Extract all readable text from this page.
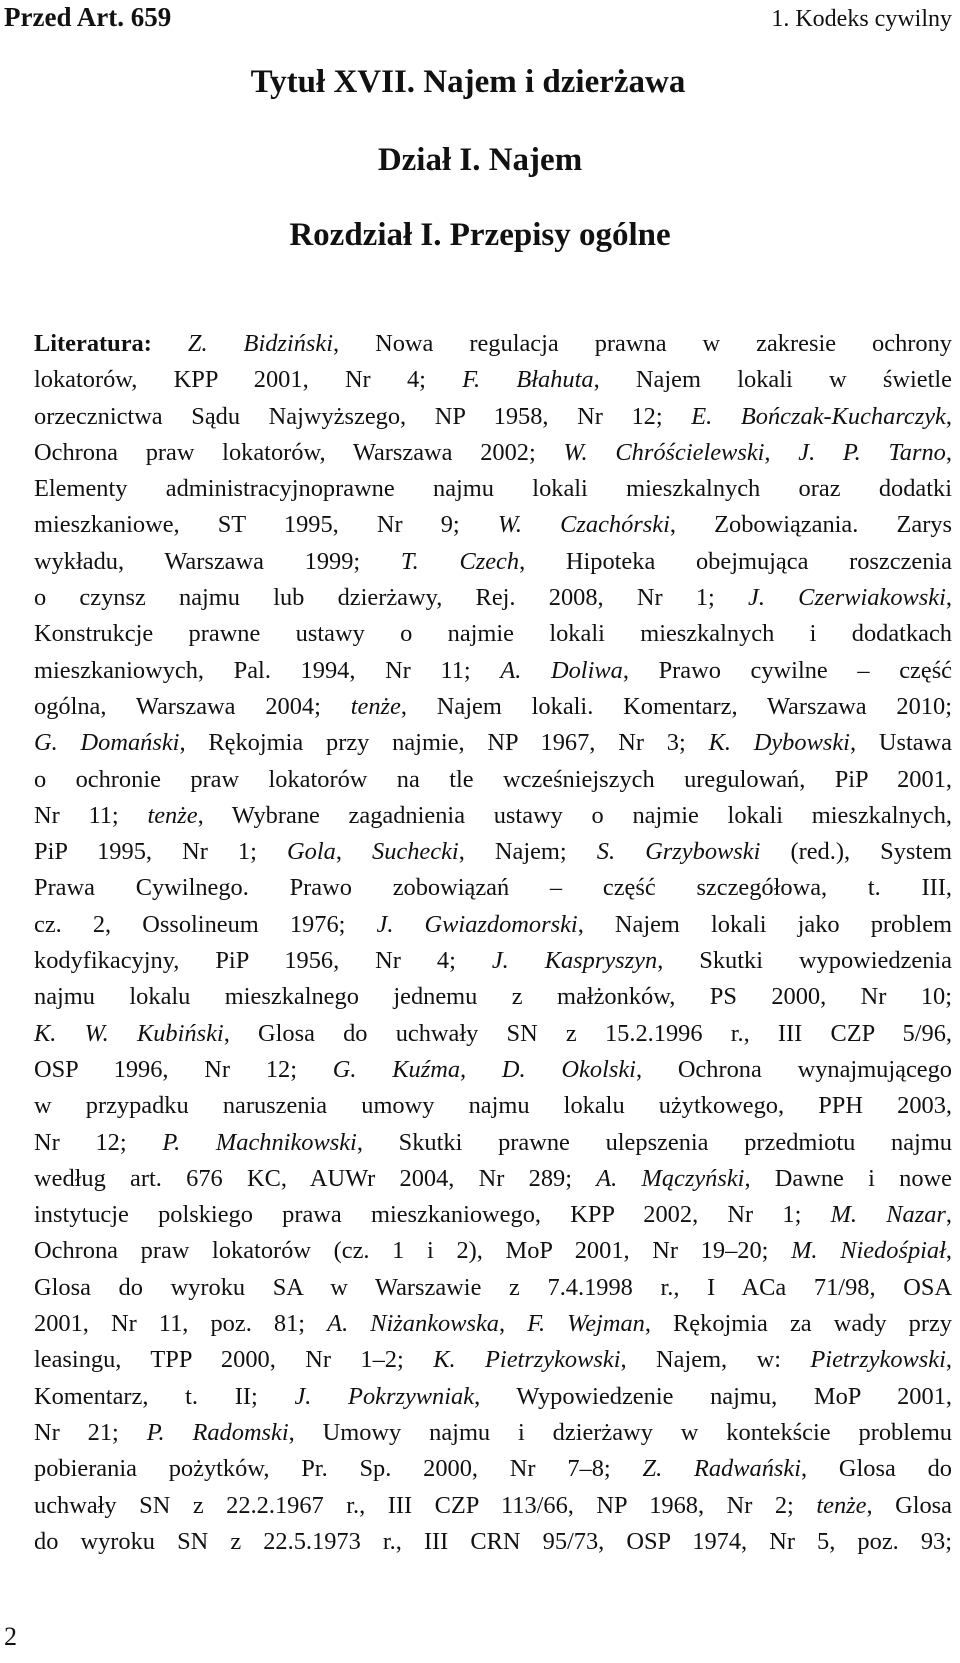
Przed Art. 659	1. Kodeks cywilny
Tytuł XVII. Najem i dzierżawa
Dział I. Najem
Rozdział I. Przepisy ogólne
Literatura: Z. Bidziński, Nowa regulacja prawna w zakresie ochrony
lokatorów, KPP 2001, Nr 4; F. Błahuta, Najem lokali w świetle
orzecznictwa Sądu Najwyższego, NP 1958, Nr 12; E. Bończak-Kucharczyk,
Ochrona praw lokatorów, Warszawa 2002; W. Chróścielewski, J. P. Tarno,
Elementy administracyjnoprawne najmu lokali mieszkalnych oraz dodatki
mieszkaniowe, ST 1995, Nr 9; W. Czachórski, Zobowiązania. Zarys
wykładu, Warszawa 1999; T. Czech, Hipoteka obejmująca roszczenia
o czynsz najmu lub dzierżawy, Rej. 2008, Nr 1; J. Czerwiakowski,
Konstrukcje prawne ustawy o najmie lokali mieszkalnych i dodatkach
mieszkaniowych, Pal. 1994, Nr 11; A. Doliwa, Prawo cywilne – część
ogólna, Warszawa 2004; tenże, Najem lokali. Komentarz, Warszawa 2010;
G. Domański, Rękojmia przy najmie, NP 1967, Nr 3; K. Dybowski, Ustawa
o ochronie praw lokatorów na tle wcześniejszych uregulowań, PiP 2001,
Nr 11; tenże, Wybrane zagadnienia ustawy o najmie lokali mieszkalnych,
PiP 1995, Nr 1; Gola, Suchecki, Najem; S. Grzybowski (red.), System
Prawa Cywilnego. Prawo zobowiązań – część szczegółowa, t. III,
cz. 2, Ossolineum 1976; J. Gwiazdomorski, Najem lokali jako problem
kodyfikacyjny, PiP 1956, Nr 4; J. Kaspryszyn, Skutki wypowiedzenia
najmu lokalu mieszkalnego jednemu z małżonków, PS 2000, Nr 10;
K. W. Kubiński, Glosa do uchwały SN z 15.2.1996 r., III CZP 5/96,
OSP 1996, Nr 12; G. Kuźma, D. Okolski, Ochrona wynajmującego
w przypadku naruszenia umowy najmu lokalu użytkowego, PPH 2003,
Nr 12; P. Machnikowski, Skutki prawne ulepszenia przedmiotu najmu
według art. 676 KC, AUWr 2004, Nr 289; A. Mączyński, Dawne i nowe
instytucje polskiego prawa mieszkaniowego, KPP 2002, Nr 1; M. Nazar,
Ochrona praw lokatorów (cz. 1 i 2), MoP 2001, Nr 19–20; M. Niedośpiał,
Glosa do wyroku SA w Warszawie z 7.4.1998 r., I ACa 71/98, OSA
2001, Nr 11, poz. 81; A. Niżankowska, F. Wejman, Rękojmia za wady przy
leasingu, TPP 2000, Nr 1–2; K. Pietrzykowski, Najem, w: Pietrzykowski,
Komentarz, t. II; J. Pokrzywniak, Wypowiedzenie najmu, MoP 2001,
Nr 21; P. Radomski, Umowy najmu i dzierżawy w kontekście problemu
pobierania pożytków, Pr. Sp. 2000, Nr 7–8; Z. Radwański, Glosa do
uchwały SN z 22.2.1967 r., III CZP 113/66, NP 1968, Nr 2; tenże, Glosa
do wyroku SN z 22.5.1973 r., III CRN 95/73, OSP 1974, Nr 5, poz. 93;
2
